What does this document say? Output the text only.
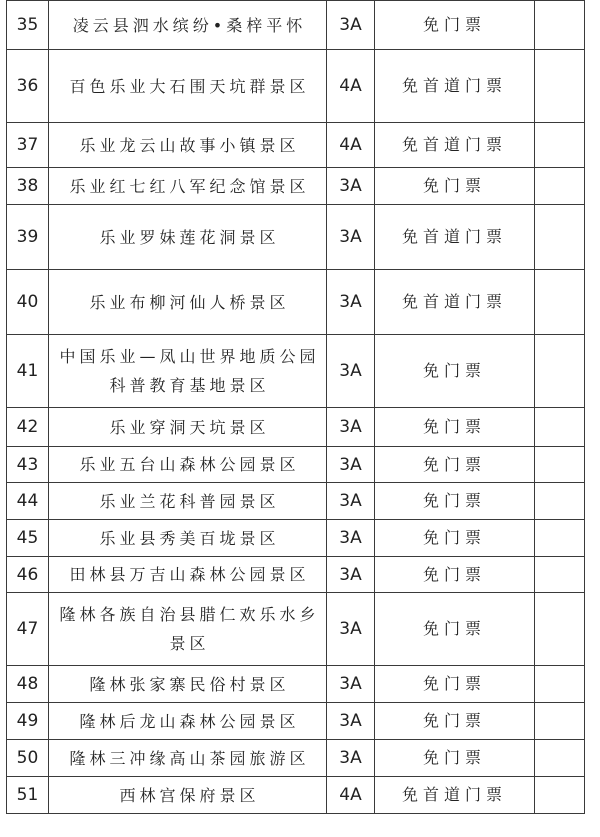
35	凌云县泗水缤纷•桑梓平怀	3A	免门票	
36	百色乐业大石围天坑群景区	4A	免首道门票	
37	乐业龙云山故事小镇景区	4A	免首道门票	
38	乐业红七红八军纪念馆景区	3A	免门票	
39	乐业罗妹莲花洞景区	3A	免首道门票	
40	乐业布柳河仙人桥景区	3A	免首道门票	
41	中国乐业—凤山世界地质公园科普教育基地景区	3A	免门票	
42	乐业穿洞天坑景区	3A	免门票	
43	乐业五台山森林公园景区	3A	免门票	
44	乐业兰花科普园景区	3A	免门票	
45	乐业县秀美百垅景区	3A	免门票	
46	田林县万吉山森林公园景区	3A	免门票	
47	隆林各族自治县腊仁欢乐水乡景区	3A	免门票	
48	隆林张家寨民俗村景区	3A	免门票	
49	隆林后龙山森林公园景区	3A	免门票	
50	隆林三冲缘高山茶园旅游区	3A	免门票	
51	西林宫保府景区	4A	免首道门票	
